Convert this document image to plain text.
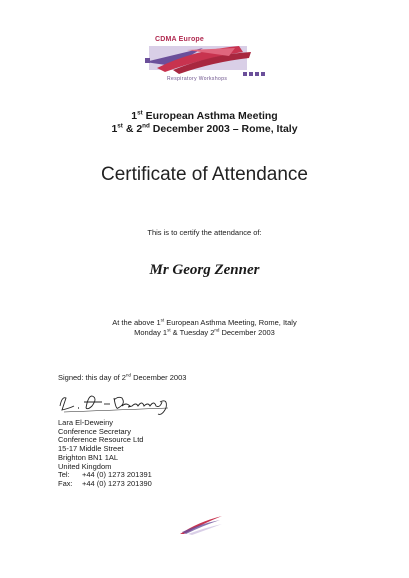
CDMA Europe
Respiratory Workshops
1st European Asthma Meeting
1st & 2nd December 2003 – Rome, Italy
Certificate of Attendance
This is to certify the attendance of:
Mr Georg Zenner
At the above 1st European Asthma Meeting, Rome, Italy
Monday 1st & Tuesday 2nd December 2003
Signed: this day of 2nd December 2003
Lara El-Deweiny
Conference Secretary
Conference Resource Ltd
15-17 Middle Street
Brighton BN1 1AL
United Kingdom
Tel: +44 (0) 1273 201391
Fax: +44 (0) 1273 201390
